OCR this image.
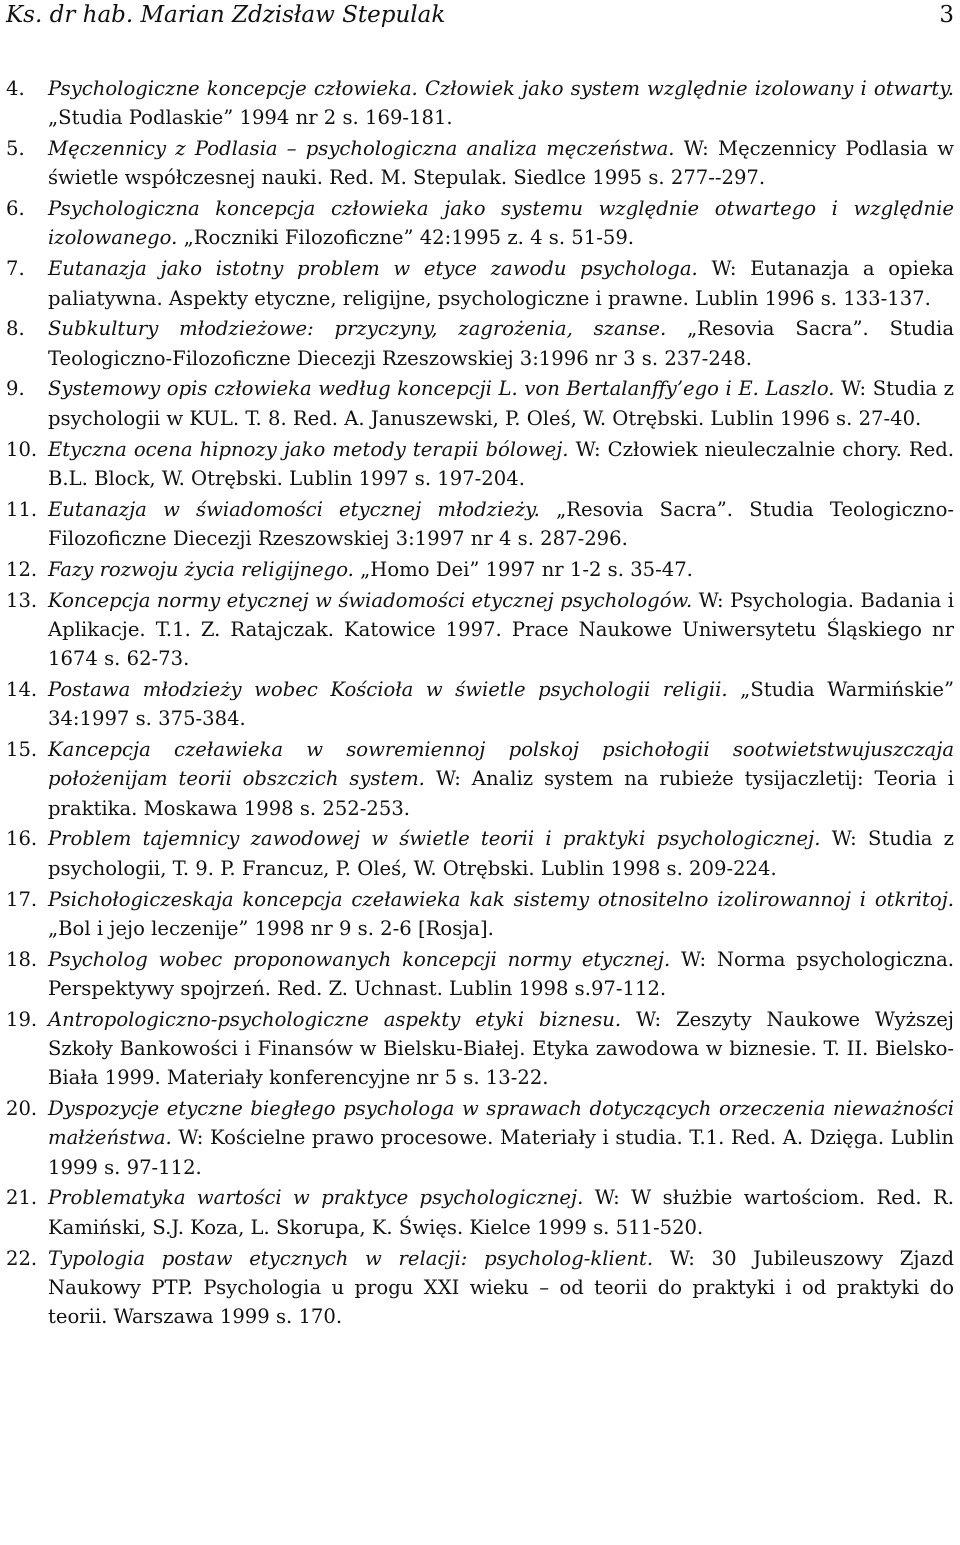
Ks. dr hab. Marian Zdzisław Stepulak	3
4. Psychologiczne koncepcje człowieka. Człowiek jako system względnie izolowany i otwarty. „Studia Podlaskie” 1994 nr 2 s. 169-181.
5. Męczennicy z Podlasia – psychologiczna analiza męczeństwa. W: Męczennicy Podlasia w świetle współczesnej nauki. Red. M. Stepulak. Siedlce 1995 s. 277--297.
6. Psychologiczna koncepcja człowieka jako systemu względnie otwartego i względnie izolowanego. „Roczniki Filozoficzne” 42:1995 z. 4 s. 51-59.
7. Eutanazja jako istotny problem w etyce zawodu psychologa. W: Eutanazja a opieka paliatywna. Aspekty etyczne, religijne, psychologiczne i prawne. Lublin 1996 s. 133-137.
8. Subkultury młodzieżowe: przyczyny, zagrożenia, szanse. „Resovia Sacra”. Studia Teologiczno-Filozoficzne Diecezji Rzeszowskiej 3:1996 nr 3 s. 237-248.
9. Systemowy opis człowieka według koncepcji L. von Bertalanffy’ego i E. Laszlo. W: Studia z psychologii w KUL. T. 8. Red. A. Januszewski, P. Oleś, W. Otrębski. Lublin 1996 s. 27-40.
10. Etyczna ocena hipnozy jako metody terapii bólowej. W: Człowiek nieuleczalnie chory. Red. B.L. Block, W. Otrębski. Lublin 1997 s. 197-204.
11. Eutanazja w świadomości etycznej młodzieży. „Resovia Sacra”. Studia Teologiczno-Filozoficzne Diecezji Rzeszowskiej 3:1997 nr 4 s. 287-296.
12. Fazy rozwoju życia religijnego. „Homo Dei” 1997 nr 1-2 s. 35-47.
13. Koncepcja normy etycznej w świadomości etycznej psychologów. W: Psychologia. Badania i Aplikacje. T.1. Z. Ratajczak. Katowice 1997. Prace Naukowe Uniwersytetu Śląskiego nr 1674 s. 62-73.
14. Postawa młodzieży wobec Kościoła w świetle psychologii religii. „Studia Warmińskie” 34:1997 s. 375-384.
15. Kancepcja czeławieka w sowremiennoj polskoj psichołogii sootwietstwujuszczaja położenijam teorii obszczich system. W: Analiz system na rubieże tysijaczletij: Teoria i praktika. Moskawa 1998 s. 252-253.
16. Problem tajemnicy zawodowej w świetle teorii i praktyki psychologicznej. W: Studia z psychologii, T. 9. P. Francuz, P. Oleś, W. Otrębski. Lublin 1998 s. 209-224.
17. Psichołogiczeskaja koncepcja czeławieka kak sistemy otnositelno izolirowannoj i otkritoj. „Bol i jejo leczenije” 1998 nr 9 s. 2-6 [Rosja].
18. Psycholog wobec proponowanych koncepcji normy etycznej. W: Norma psychologiczna. Perspektywy spojrzeń. Red. Z. Uchnast. Lublin 1998 s.97-112.
19. Antropologiczno-psychologiczne aspekty etyki biznesu. W: Zeszyty Naukowe Wyższej Szkoły Bankowości i Finansów w Bielsku-Białej. Etyka zawodowa w biznesie. T. II. Bielsko-Biała 1999. Materiały konferencyjne nr 5 s. 13-22.
20. Dyspozycje etyczne biegłego psychologa w sprawach dotyczących orzeczenia nieważności małżeństwa. W: Kościelne prawo procesowe. Materiały i studia. T.1. Red. A. Dzięga. Lublin 1999 s. 97-112.
21. Problematyka wartości w praktyce psychologicznej. W: W służbie wartościom. Red. R. Kamiński, S.J. Koza, L. Skorupa, K. Święs. Kielce 1999 s. 511-520.
22. Typologia postaw etycznych w relacji: psycholog-klient. W: 30 Jubileuszowy Zjazd Naukowy PTP. Psychologia u progu XXI wieku – od teorii do praktyki i od praktyki do teorii. Warszawa 1999 s. 170.
